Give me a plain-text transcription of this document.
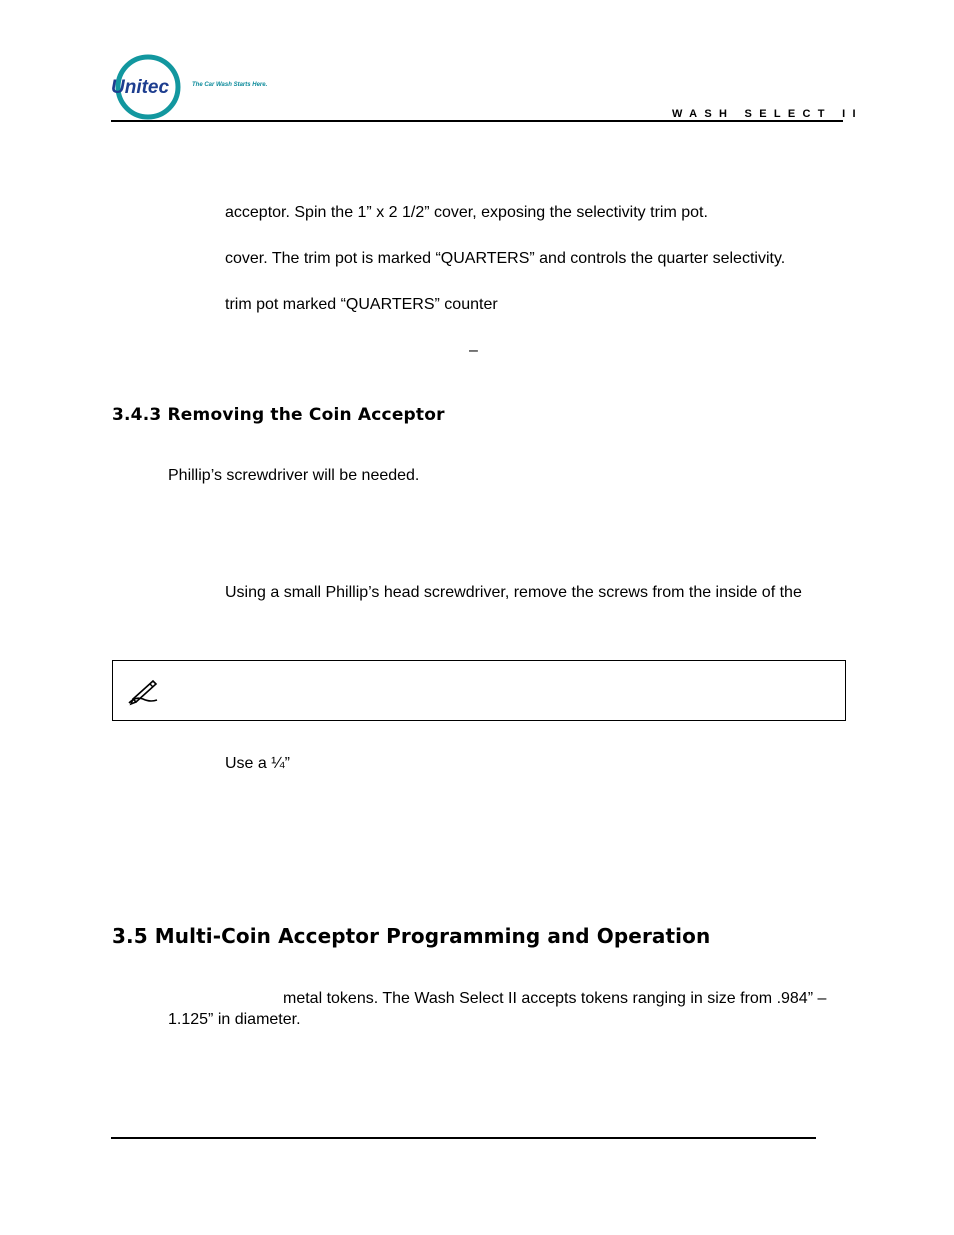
Unitec	The Car Wash Starts Here.
WASH SELECT II
acceptor. Spin the 1” x 2 1/2” cover, exposing the selectivity trim pot.
cover. The trim pot is marked “QUARTERS” and controls the quarter selectivity.
trim pot marked “QUARTERS” counter
–
3.4.3 Removing the Coin Acceptor
Phillip’s screwdriver will be needed.
Using a small Phillip’s head screwdriver, remove the screws from the inside of the
Use a ¼”
3.5 Multi-Coin Acceptor Programming and Operation
metal tokens. The Wash Select II accepts tokens ranging in size from .984” –
1.125” in diameter.
